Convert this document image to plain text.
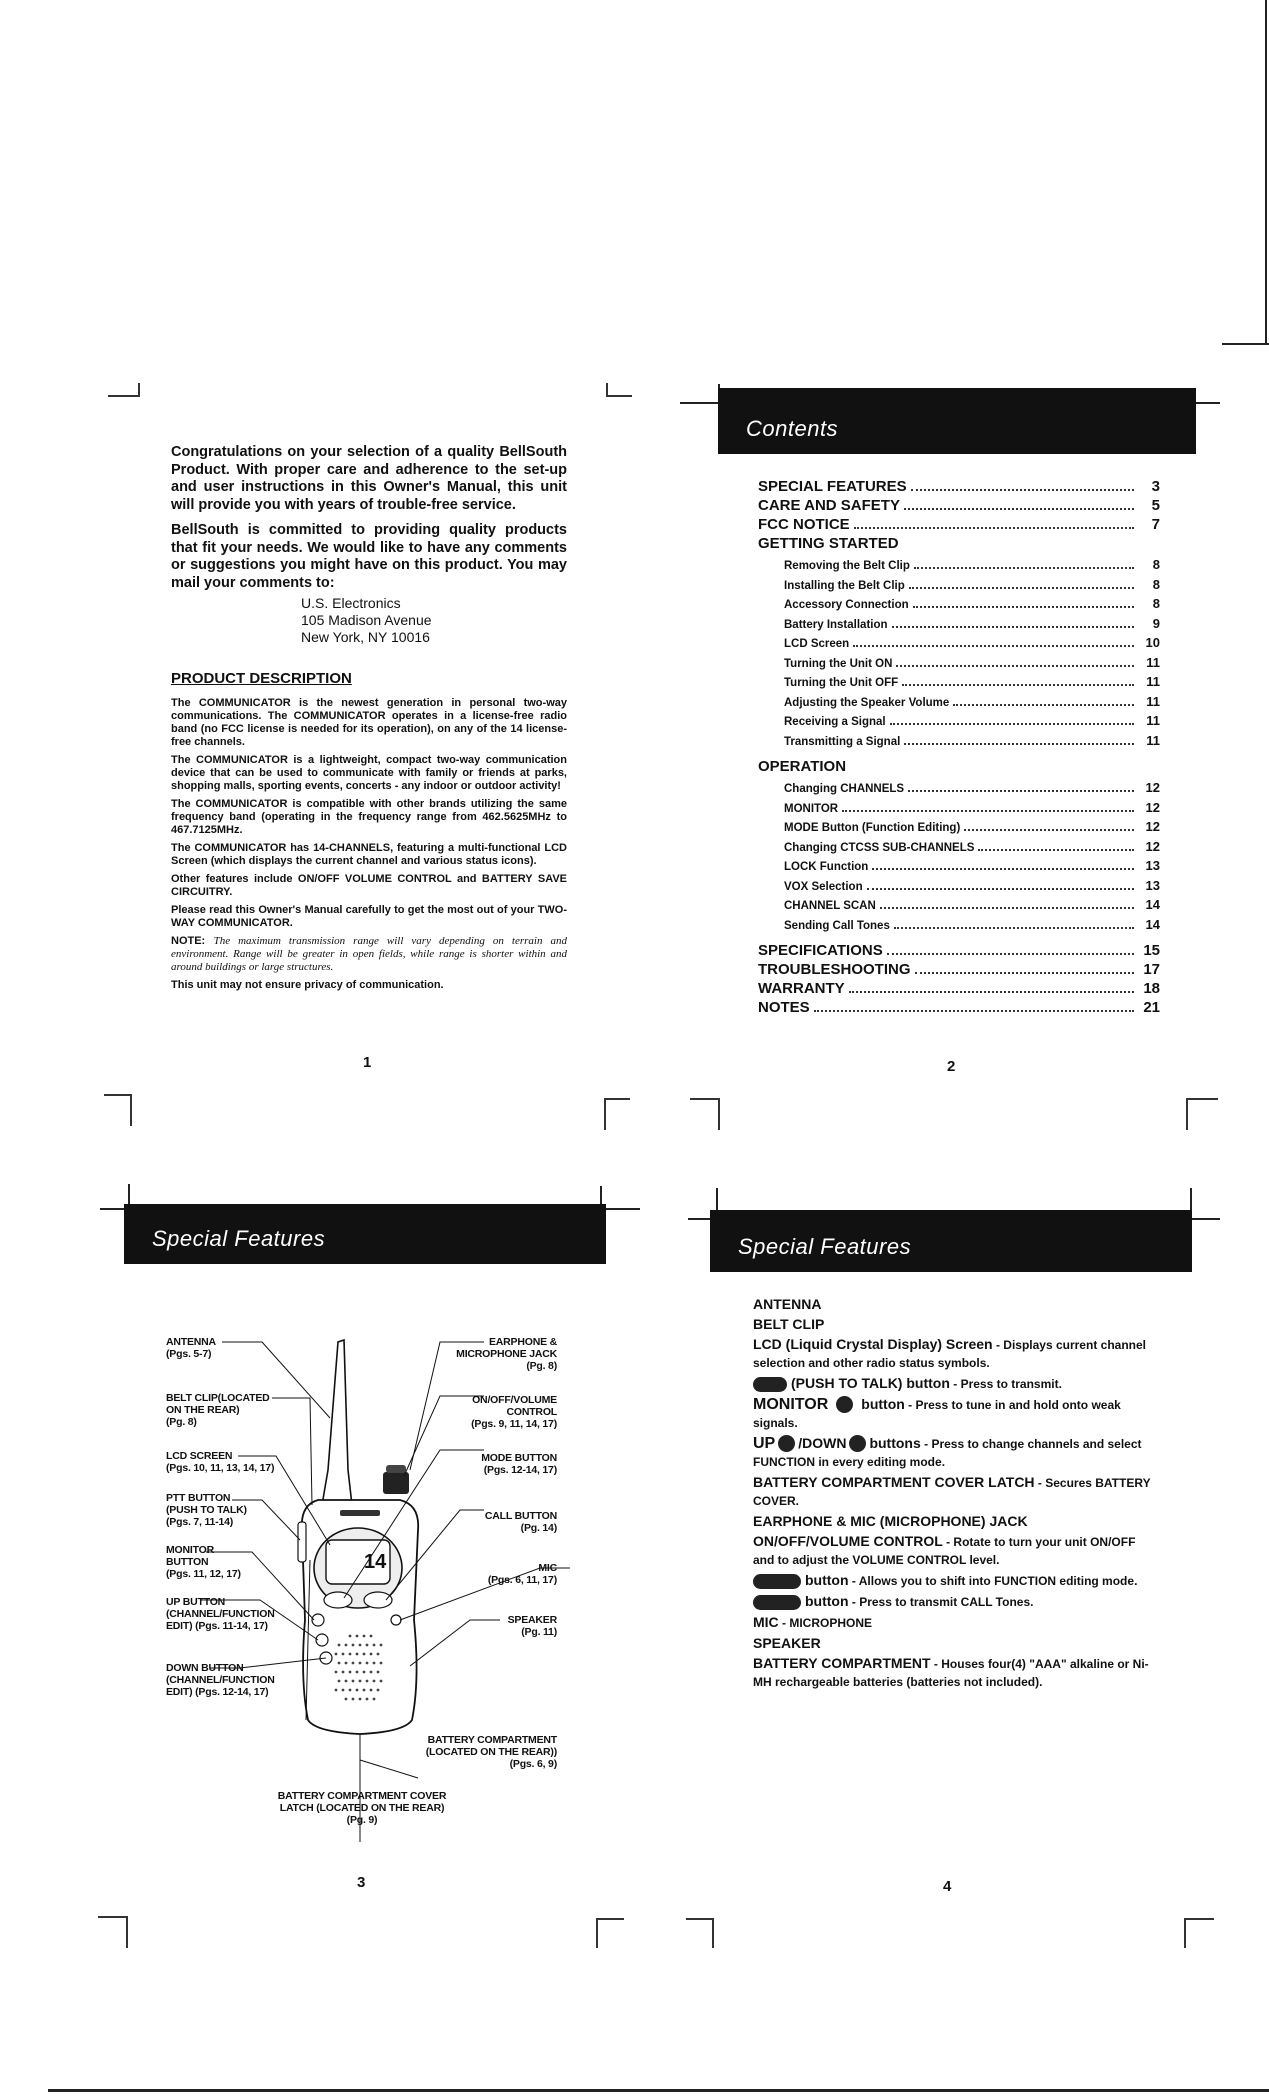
Congratulations on your selection of a quality BellSouth Product. With proper care and adherence to the set-up and user instructions in this Owner's Manual, this unit will provide you with years of trouble-free service.

BellSouth is committed to providing quality products that fit your needs. We would like to have any comments or suggestions you might have on this product. You may mail your comments to:

U.S. Electronics
105 Madison Avenue
New York, NY 10016
PRODUCT DESCRIPTION

The COMMUNICATOR is the newest generation in personal two-way communications. The COMMUNICATOR operates in a license-free radio band (no FCC license is needed for its operation), on any of the 14 license-free channels.

The COMMUNICATOR is a lightweight, compact two-way communication device that can be used to communicate with family or friends at parks, shopping malls, sporting events, concerts - any indoor or outdoor activity!

The COMMUNICATOR is compatible with other brands utilizing the same frequency band (operating in the frequency range from 462.5625MHz to 467.7125MHz.

The COMMUNICATOR has 14-CHANNELS, featuring a multi-functional LCD Screen (which displays the current channel and various status icons).

Other features include ON/OFF VOLUME CONTROL and BATTERY SAVE CIRCUITRY.

Please read this Owner's Manual carefully to get the most out of your TWO-WAY COMMUNICATOR.

NOTE: The maximum transmission range will vary depending on terrain and environment. Range will be greater in open fields, while range is shorter within and around buildings or large structures.

This unit may not ensure privacy of communication.

1
Contents
SPECIAL FEATURES	3
CARE AND SAFETY	5
FCC NOTICE	7
GETTING STARTED
Removing the Belt Clip	8
Installing the Belt Clip	8
Accessory Connection	8
Battery Installation	9
LCD Screen	10
Turning the Unit ON	11
Turning the Unit OFF	11
Adjusting the Speaker Volume	11
Receiving a Signal	11
Transmitting a Signal	11
OPERATION
Changing CHANNELS	12
MONITOR	12
MODE Button (Function Editing)	12
Changing CTCSS SUB-CHANNELS	12
LOCK Function	13
VOX Selection	13
CHANNEL SCAN	14
Sending Call Tones	14
SPECIFICATIONS	15
TROUBLESHOOTING	17
WARRANTY	18
NOTES	21
2
Special Features
14
ANTENNA
(Pgs. 5-7)
BELT CLIP(LOCATED
ON THE REAR)
(Pg. 8)
LCD SCREEN
(Pgs. 10, 11, 13, 14, 17)
PTT BUTTON
(PUSH TO TALK)
(Pgs. 7, 11-14)
MONITOR
BUTTON
(Pgs. 11, 12, 17)
UP BUTTON
(CHANNEL/FUNCTION
EDIT) (Pgs. 11-14, 17)
DOWN BUTTON
(CHANNEL/FUNCTION
EDIT) (Pgs. 12-14, 17)
EARPHONE &
MICROPHONE JACK
(Pg. 8)
ON/OFF/VOLUME
CONTROL
(Pgs. 9, 11, 14, 17)
MODE BUTTON
(Pgs. 12-14, 17)
CALL BUTTON
(Pg. 14)
MIC
(Pgs. 6, 11, 17)
SPEAKER
(Pg. 11)
BATTERY COMPARTMENT
(LOCATED ON THE REAR))
(Pgs. 6, 9)
BATTERY COMPARTMENT COVER
LATCH (LOCATED ON THE REAR)
(Pg. 9)
3
Special Features
ANTENNA
BELT CLIP
LCD (Liquid Crystal Display) Screen - Displays current channel selection and other radio status symbols.
(PUSH TO TALK) button - Press to transmit.
MONITOR button - Press to tune in and hold onto weak signals.
UP /DOWN buttons - Press to change channels and select FUNCTION in every editing mode.
BATTERY COMPARTMENT COVER LATCH - Secures BATTERY COVER.
EARPHONE & MIC (MICROPHONE) JACK
ON/OFF/VOLUME CONTROL - Rotate to turn your unit ON/OFF and to adjust the VOLUME CONTROL level.
button - Allows you to shift into FUNCTION editing mode.
button - Press to transmit CALL Tones.
MIC - MICROPHONE
SPEAKER
BATTERY COMPARTMENT - Houses four(4) "AAA" alkaline or Ni-MH rechargeable batteries (batteries not included).
4
